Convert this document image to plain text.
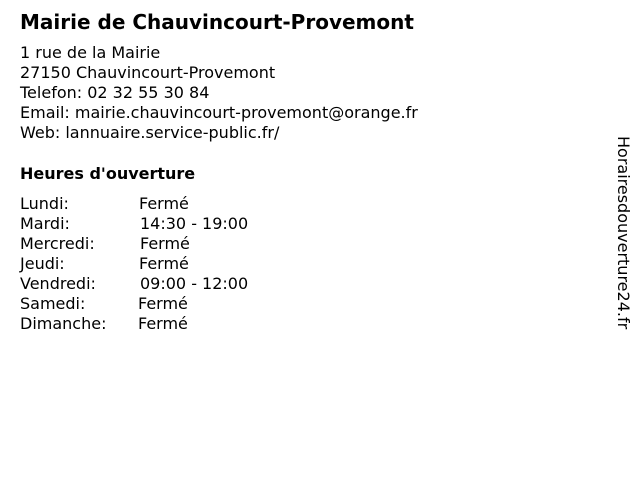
Mairie de Chauvincourt-Provemont
1 rue de la Mairie
27150 Chauvincourt-Provemont
Telefon: 02 32 55 30 84
Email: mairie.chauvincourt-provemont@orange.fr
Web: lannuaire.service-public.fr/
Heures d'ouverture
Lundi:	Fermé
Mardi:	14:30 - 19:00
Mercredi:	Fermé
Jeudi:	Fermé
Vendredi:	09:00 - 12:00
Samedi:	Fermé
Dimanche: Fermé	Horairesdouverture24.fr
